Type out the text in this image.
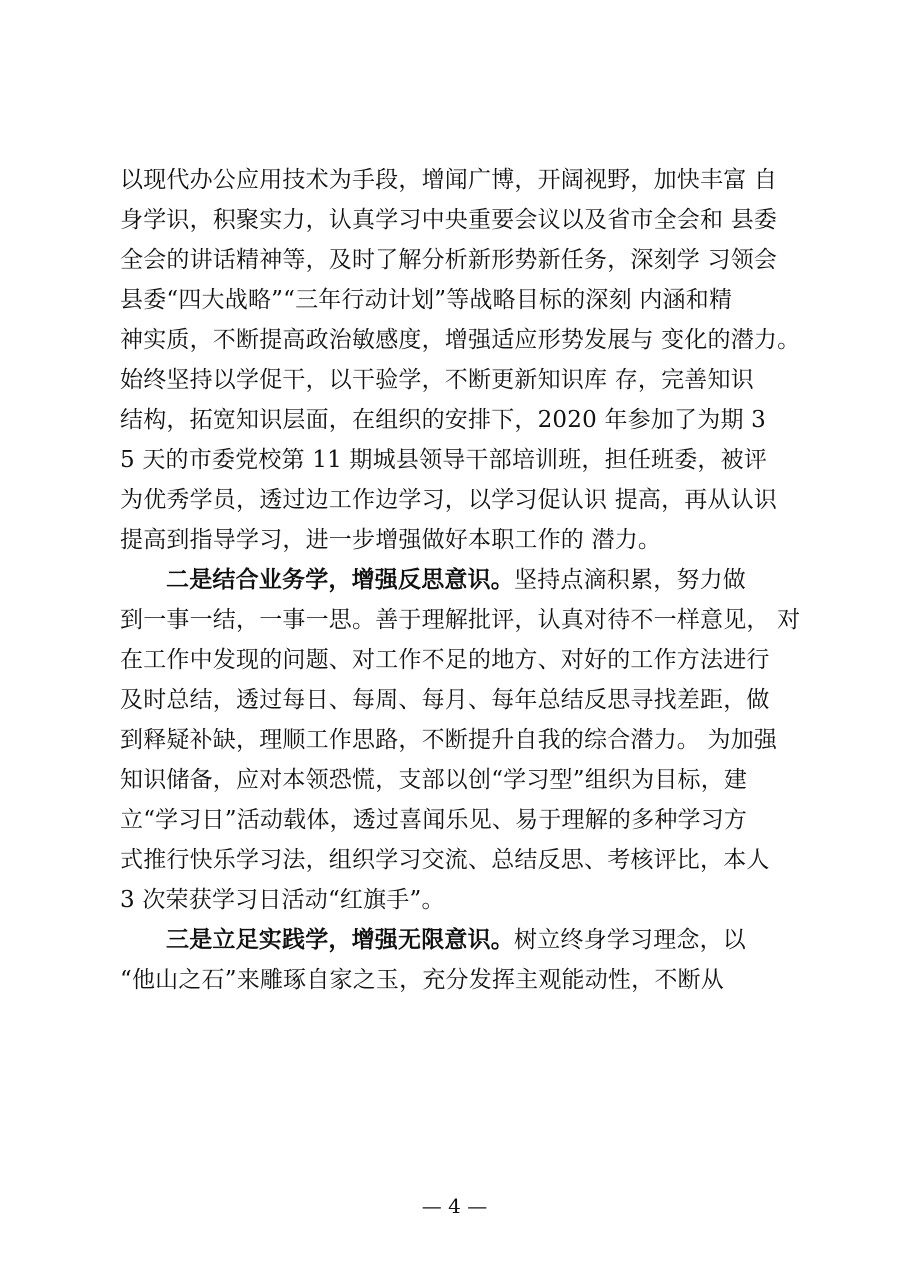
以现代办公应用技术为手段，增闻广博，开阔视野，加快丰富 自
身学识，积聚实力，认真学习中央重要会议以及省市全会和 县委
全会的讲话精神等，及时了解分析新形势新任务，深刻学 习领会
县委“四大战略”“三年行动计划”等战略目标的深刻 内涵和精
神实质，不断提高政治敏感度，增强适应形势发展与 变化的潜力。
始终坚持以学促干，以干验学，不断更新知识库 存，完善知识
结构，拓宽知识层面，在组织的安排下，2020 年参加了为期 3
5 天的市委党校第 11 期城县领导干部培训班，担任班委，被评
为优秀学员，透过边工作边学习，以学习促认识 提高，再从认识
提高到指导学习，进一步增强做好本职工作的 潜力。
二是结合业务学，增强反思意识。坚持点滴积累，努力做
到一事一结，一事一思。善于理解批评，认真对待不一样意见， 对
在工作中发现的问题、对工作不足的地方、对好的工作方法进行
及时总结，透过每日、每周、每月、每年总结反思寻找差距，做
到释疑补缺，理顺工作思路，不断提升自我的综合潜力。 为加强
知识储备，应对本领恐慌，支部以创“学习型”组织为目标，建
立“学习日”活动载体，透过喜闻乐见、易于理解的多种学习方
式推行快乐学习法，组织学习交流、总结反思、考核评比，本人
3 次荣获学习日活动“红旗手”。
三是立足实践学，增强无限意识。树立终身学习理念，以
“他山之石”来雕琢自家之玉，充分发挥主观能动性，不断从
— 4 —
